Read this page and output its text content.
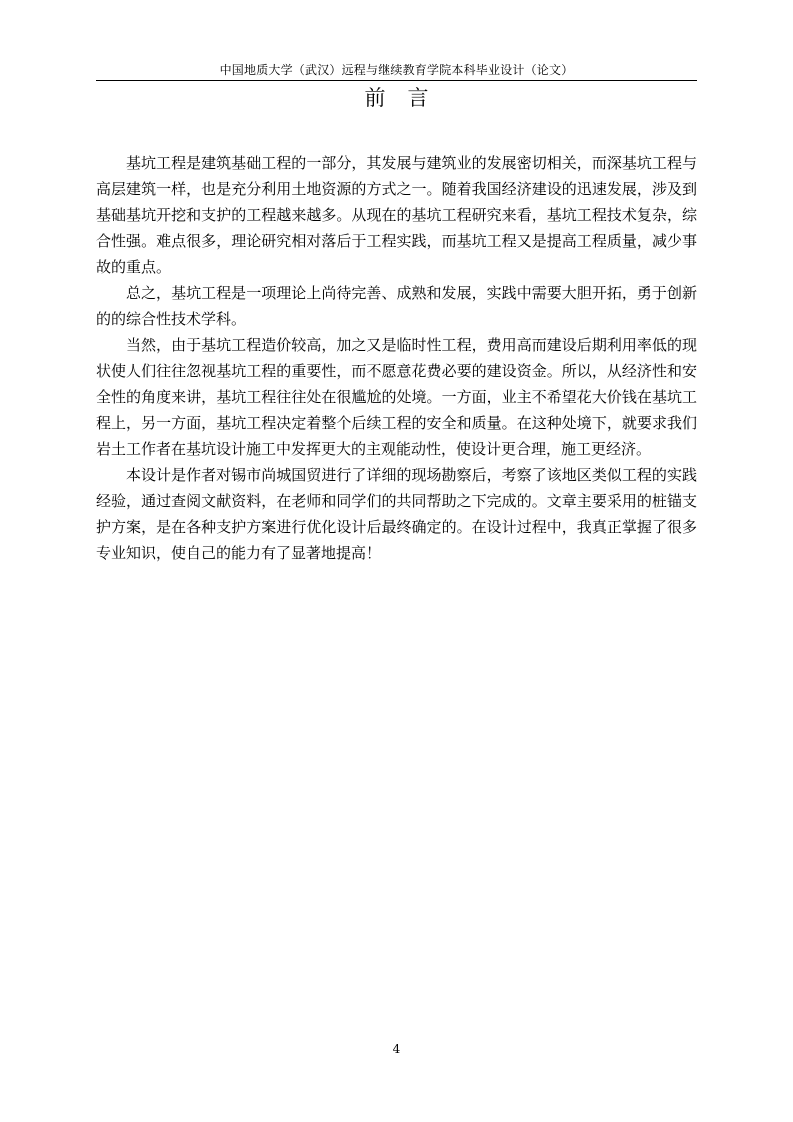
中国地质大学（武汉）远程与继续教育学院本科毕业设计（论文）
前言

基坑工程是建筑基础工程的一部分，其发展与建筑业的发展密切相关，而深基坑工程与高层建筑一样，也是充分利用土地资源的方式之一。随着我国经济建设的迅速发展，涉及到基础基坑开挖和支护的工程越来越多。从现在的基坑工程研究来看，基坑工程技术复杂，综合性强。难点很多，理论研究相对落后于工程实践，而基坑工程又是提高工程质量，减少事故的重点。

总之，基坑工程是一项理论上尚待完善、成熟和发展，实践中需要大胆开拓，勇于创新的的综合性技术学科。

当然，由于基坑工程造价较高，加之又是临时性工程，费用高而建设后期利用率低的现状使人们往往忽视基坑工程的重要性，而不愿意花费必要的建设资金。所以，从经济性和安全性的角度来讲，基坑工程往往处在很尴尬的处境。一方面，业主不希望花大价钱在基坑工程上，另一方面，基坑工程决定着整个后续工程的安全和质量。在这种处境下，就要求我们岩土工作者在基坑设计施工中发挥更大的主观能动性，使设计更合理，施工更经济。

本设计是作者对锡市尚城国贸进行了详细的现场勘察后，考察了该地区类似工程的实践经验，通过查阅文献资料，在老师和同学们的共同帮助之下完成的。文章主要采用的桩锚支护方案，是在各种支护方案进行优化设计后最终确定的。在设计过程中，我真正掌握了很多专业知识，使自己的能力有了显著地提高！

4
